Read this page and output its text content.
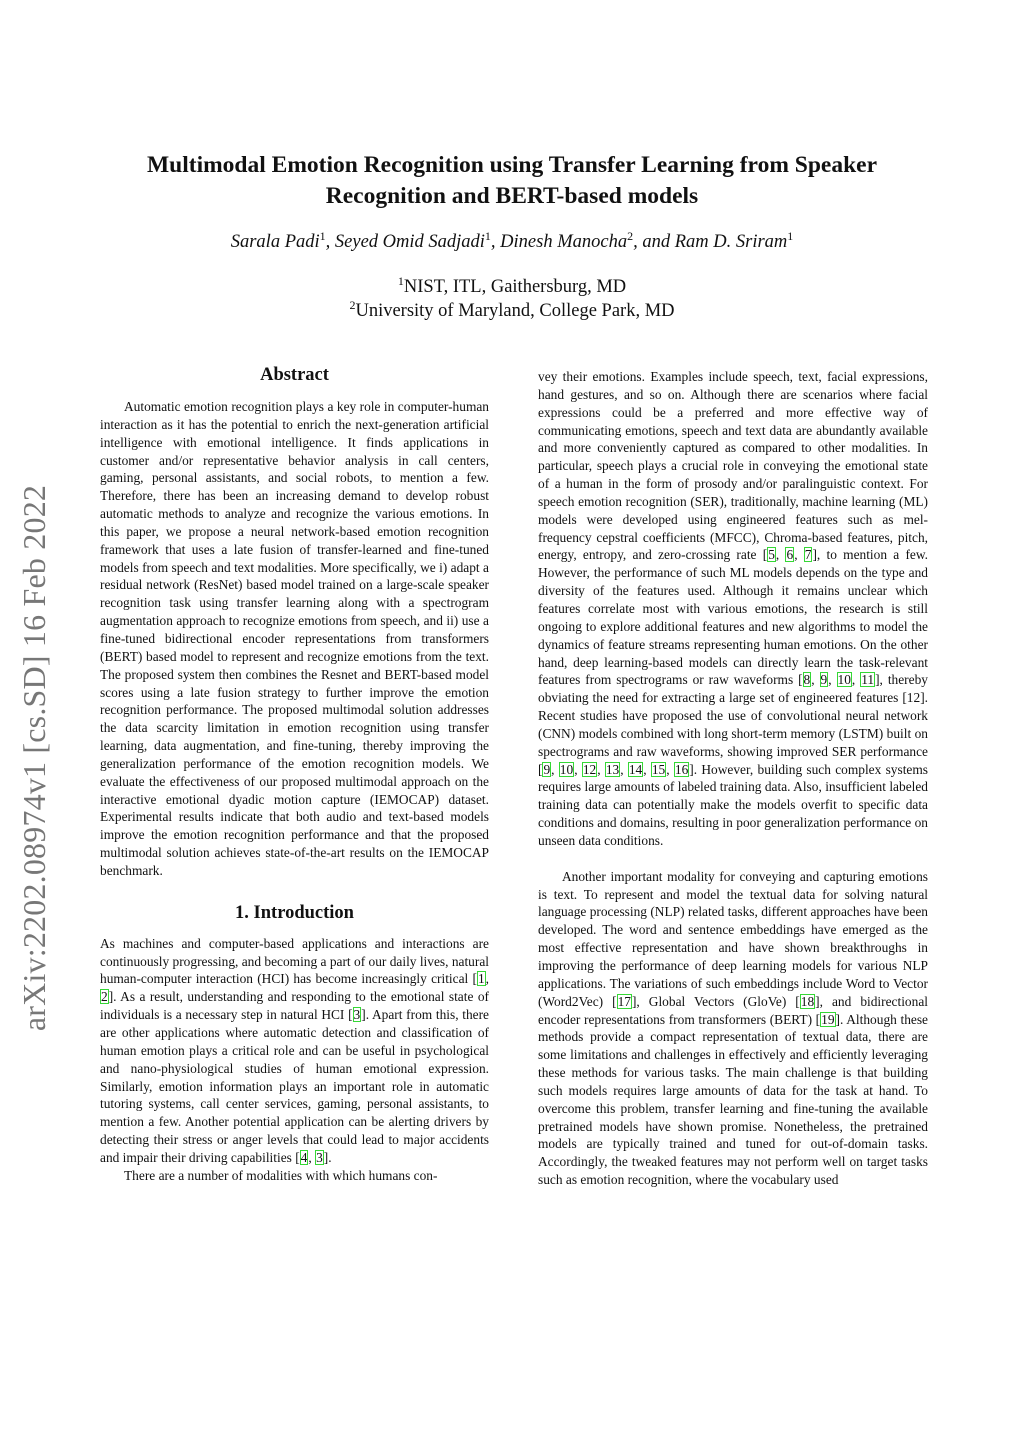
arXiv:2202.08974v1 [cs.SD] 16 Feb 2022
Multimodal Emotion Recognition using Transfer Learning from Speaker
Recognition and BERT-based models
Sarala Padi$^1$, Seyed Omid Sadjadi$^1$, Dinesh Manocha$^2$, and Ram D. Sriram$^1$
$^1$NIST, ITL, Gaithersburg, MD
$^2$University of Maryland, College Park, MD
Abstract

Automatic emotion recognition plays a key role in computer-human interaction as it has the potential to enrich the next-generation artificial intelligence with emotional intelligence. It finds applications in customer and/or representative behavior analysis in call centers, gaming, personal assistants, and social robots, to mention a few. Therefore, there has been an increasing demand to develop robust automatic methods to analyze and recognize the various emotions. In this paper, we propose a neural network-based emotion recognition framework that uses a late fusion of transfer-learned and fine-tuned models from speech and text modalities. More specifically, we i) adapt a residual network (ResNet) based model trained on a large-scale speaker recognition task using transfer learning along with a spectrogram augmentation approach to recognize emotions from speech, and ii) use a fine-tuned bidirectional encoder representations from transformers (BERT) based model to represent and recognize emotions from the text. The proposed system then combines the Resnet and BERT-based model scores using a late fusion strategy to further improve the emotion recognition performance. The proposed multimodal solution addresses the data scarcity limitation in emotion recognition using transfer learning, data augmentation, and fine-tuning, thereby improving the generalization performance of the emotion recognition models. We evaluate the effectiveness of our proposed multimodal approach on the interactive emotional dyadic motion capture (IEMOCAP) dataset. Experimental results indicate that both audio and text-based models improve the emotion recognition performance and that the proposed multimodal solution achieves state-of-the-art results on the IEMOCAP benchmark.

1. Introduction

As machines and computer-based applications and interactions are continuously progressing, and becoming a part of our daily lives, natural human-computer interaction (HCI) has become increasingly critical [1, 2]. As a result, understanding and responding to the emotional state of individuals is a necessary step in natural HCI [3]. Apart from this, there are other applications where automatic detection and classification of human emotion plays a critical role and can be useful in psychological and nano-physiological studies of human emotional expression. Similarly, emotion information plays an important role in automatic tutoring systems, call center services, gaming, personal assistants, to mention a few. Another potential application can be alerting drivers by detecting their stress or anger levels that could lead to major accidents and impair their driving capabilities [4, 3].

There are a number of modalities with which humans con-

vey their emotions. Examples include speech, text, facial expressions, hand gestures, and so on. Although there are scenarios where facial expressions could be a preferred and more effective way of communicating emotions, speech and text data are abundantly available and more conveniently captured as compared to other modalities. In particular, speech plays a crucial role in conveying the emotional state of a human in the form of prosody and/or paralinguistic context. For speech emotion recognition (SER), traditionally, machine learning (ML) models were developed using engineered features such as mel-frequency cepstral coefficients (MFCC), Chroma-based features, pitch, energy, entropy, and zero-crossing rate [5, 6, 7], to mention a few. However, the performance of such ML models depends on the type and diversity of the features used. Although it remains unclear which features correlate most with various emotions, the research is still ongoing to explore additional features and new algorithms to model the dynamics of feature streams representing human emotions. On the other hand, deep learning-based models can directly learn the task-relevant features from spectrograms or raw waveforms [8, 9, 10, 11], thereby obviating the need for extracting a large set of engineered features [12]. Recent studies have proposed the use of convolutional neural network (CNN) models combined with long short-term memory (LSTM) built on spectrograms and raw waveforms, showing improved SER performance [9, 10, 12, 13, 14, 15, 16]. However, building such complex systems requires large amounts of labeled training data. Also, insufficient labeled training data can potentially make the models overfit to specific data conditions and domains, resulting in poor generalization performance on unseen data conditions.

Another important modality for conveying and capturing emotions is text. To represent and model the textual data for solving natural language processing (NLP) related tasks, different approaches have been developed. The word and sentence embeddings have emerged as the most effective representation and have shown breakthroughs in improving the performance of deep learning models for various NLP applications. The variations of such embeddings include Word to Vector (Word2Vec) [17], Global Vectors (GloVe) [18], and bidirectional encoder representations from transformers (BERT) [19]. Although these methods provide a compact representation of textual data, there are some limitations and challenges in effectively and efficiently leveraging these methods for various tasks. The main challenge is that building such models requires large amounts of data for the task at hand. To overcome this problem, transfer learning and fine-tuning the available pretrained models have shown promise. Nonetheless, the pretrained models are typically trained and tuned for out-of-domain tasks. Accordingly, the tweaked features may not perform well on target tasks such as emotion recognition, where the vocabulary used
